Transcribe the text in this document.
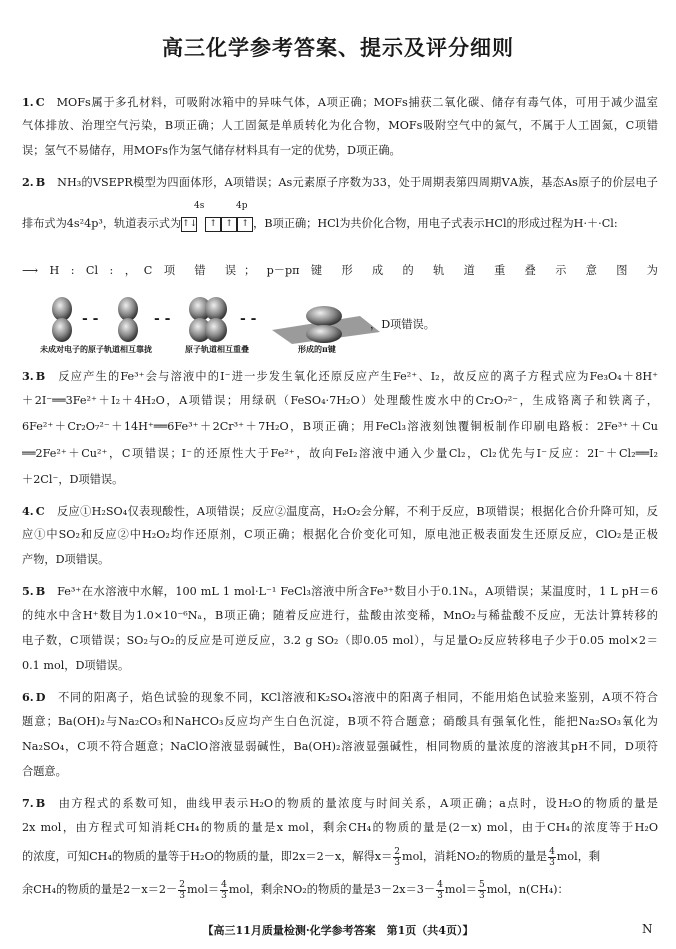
高三化学参考答案、提示及评分细则
1. C MOFs属于多孔材料，可吸附冰箱中的异味气体，A项正确；MOFs捕获二氧化碳、储存有毒气体，可用于减少温室
气体排放、治理空气污染，B项正确；人工固氮是单质转化为化合物，MOFs吸附空气中的氮气，不属于人工固氮，C项错
误；氢气不易储存，用MOFs作为氢气储存材料具有一定的优势，D项正确。
2. B NH₃的VSEPR模型为四面体形，A项错误；As元素原子序数为33，处于周期表第四周期ⅤA族，基态As原子的价层电子
4s	4p
排布式为4s²4p³，轨道表示式为↑↓ ↑ ↑ ↑ ，B项正确；HCl为共价化合物，用电子式表示HCl的形成过程为H·＋·Cl:
⟶ H : Cl : ，C 项 错 误； p－pπ 键 形 成 的 轨 道 重 叠 示 意 图 为
- -	- -	- -
未成对电子的原子轨道相互靠拢	原子轨道相互重叠	形成的π键
，D项错误。
3. B 反应产生的Fe³⁺会与溶液中的I⁻进一步发生氧化还原反应产生Fe²⁺、I₂，故反应的离子方程式应为Fe₃O₄＋8H⁺
＋2I⁻══3Fe²⁺＋I₂＋4H₂O，A项错误；用绿矾（FeSO₄·7H₂O）处理酸性废水中的Cr₂O₇²⁻，生成铬离子和铁离子，
6Fe²⁺＋Cr₂O₇²⁻＋14H⁺══6Fe³⁺＋2Cr³⁺＋7H₂O，B项正确；用FeCl₃溶液刻蚀覆铜板制作印刷电路板：2Fe³⁺＋Cu
══2Fe²⁺＋Cu²⁺，C项错误；I⁻的还原性大于Fe²⁺，故向FeI₂溶液中通入少量Cl₂，Cl₂优先与I⁻反应：2I⁻＋Cl₂══I₂
＋2Cl⁻，D项错误。
4. C 反应①H₂SO₄仅表现酸性，A项错误；反应②温度高，H₂O₂会分解，不利于反应，B项错误；根据化合价升降可知，反
应①中SO₂和反应②中H₂O₂均作还原剂，C项正确；根据化合价变化可知，原电池正极表面发生还原反应，ClO₂是正极
产物，D项错误。
5. B Fe³⁺在水溶液中水解，100 mL 1 mol·L⁻¹ FeCl₃溶液中所含Fe³⁺数目小于0.1Nₐ，A项错误；某温度时，1 L pH＝6
的纯水中含H⁺数目为1.0×10⁻⁶Nₐ，B项正确；随着反应进行，盐酸由浓变稀，MnO₂与稀盐酸不反应，无法计算转移的
电子数，C项错误；SO₂与O₂的反应是可逆反应，3.2 g SO₂（即0.05 mol），与足量O₂反应转移电子少于0.05 mol×2＝
0.1 mol，D项错误。
6. D 不同的阳离子，焰色试验的现象不同，KCl溶液和K₂SO₄溶液中的阳离子相同，不能用焰色试验来鉴别，A项不符合
题意；Ba(OH)₂与Na₂CO₃和NaHCO₃反应均产生白色沉淀，B项不符合题意；硝酸具有强氧化性，能把Na₂SO₃氧化为
Na₂SO₄，C项不符合题意；NaClO溶液显弱碱性，Ba(OH)₂溶液显强碱性，相同物质的量浓度的溶液其pH不同，D项符
合题意。
7. B 由方程式的系数可知，曲线甲表示H₂O的物质的量浓度与时间关系，A项正确；a点时，设H₂O的物质的量是
2x mol，由方程式可知消耗CH₄的物质的量是x mol，剩余CH₄的物质的量是(2－x) mol，由于CH₄的浓度等于H₂O
的浓度，可知CH₄的物质的量等于H₂O的物质的量，即2x＝2－x，解得$x= \frac{2}{3}$ mol，消耗NO₂的物质的量是 $\frac{4}{3}$ mol，剩
余CH₄的物质的量是$2-x=2- \frac{2}{3} mol= \frac{4}{3}$ mol，剩余NO₂的物质的量是$3-2x=3- \frac{4}{3} mol= \frac{5}{3}$ mol，n(CH₄)：
【高三11月质量检测·化学参考答案　第1页（共4页）】	N
